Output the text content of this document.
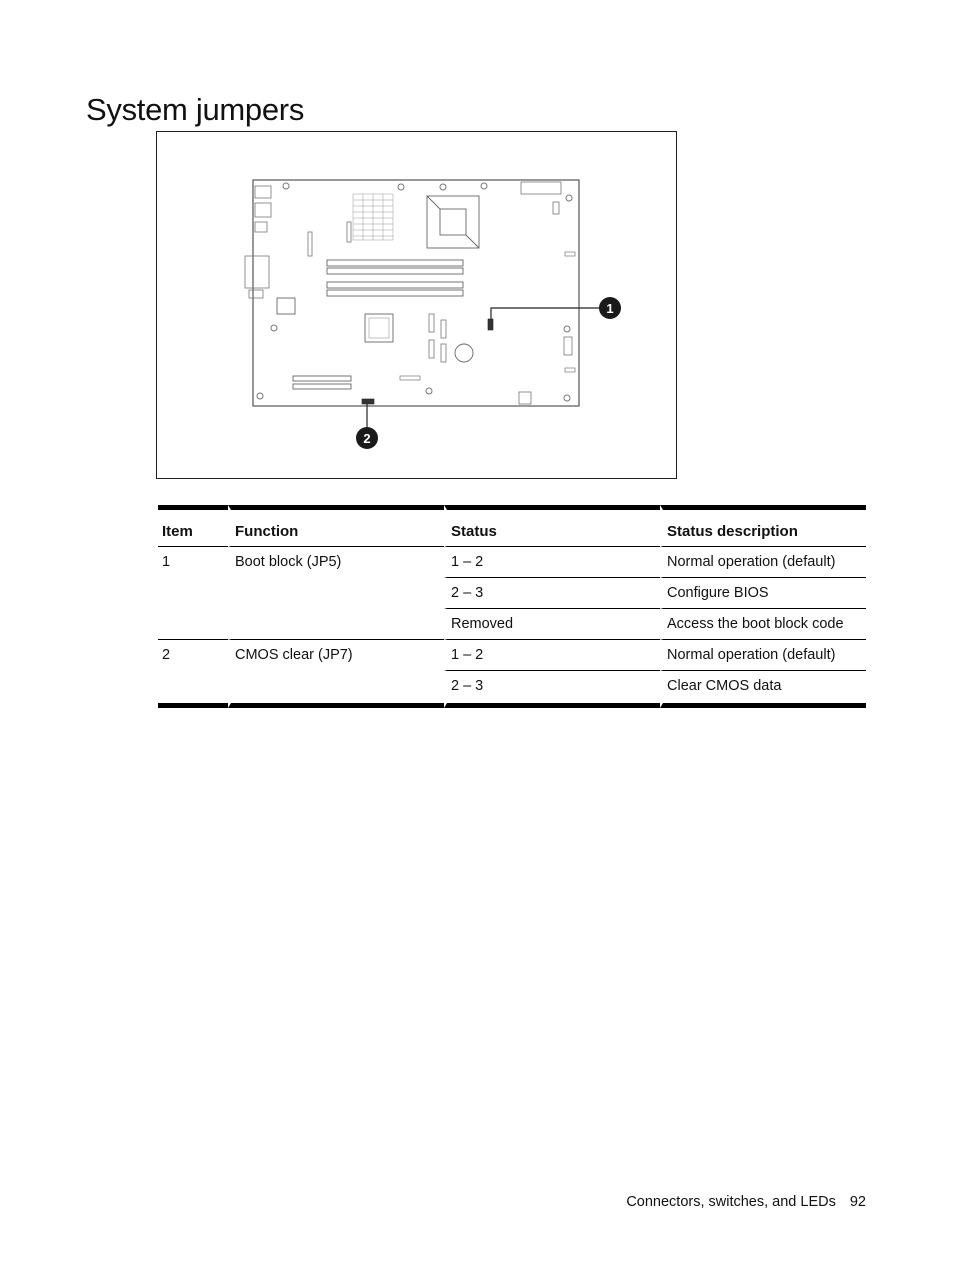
System jumpers
1
2
Item	Function	Status	Status description
1	Boot block (JP5)	1 – 2	Normal operation (default)
		2 – 3	Configure BIOS
		Removed	Access the boot block code
2	CMOS clear (JP7)	1 – 2	Normal operation (default)
		2 – 3	Clear CMOS data
Connectors, switches, and LEDs 92
